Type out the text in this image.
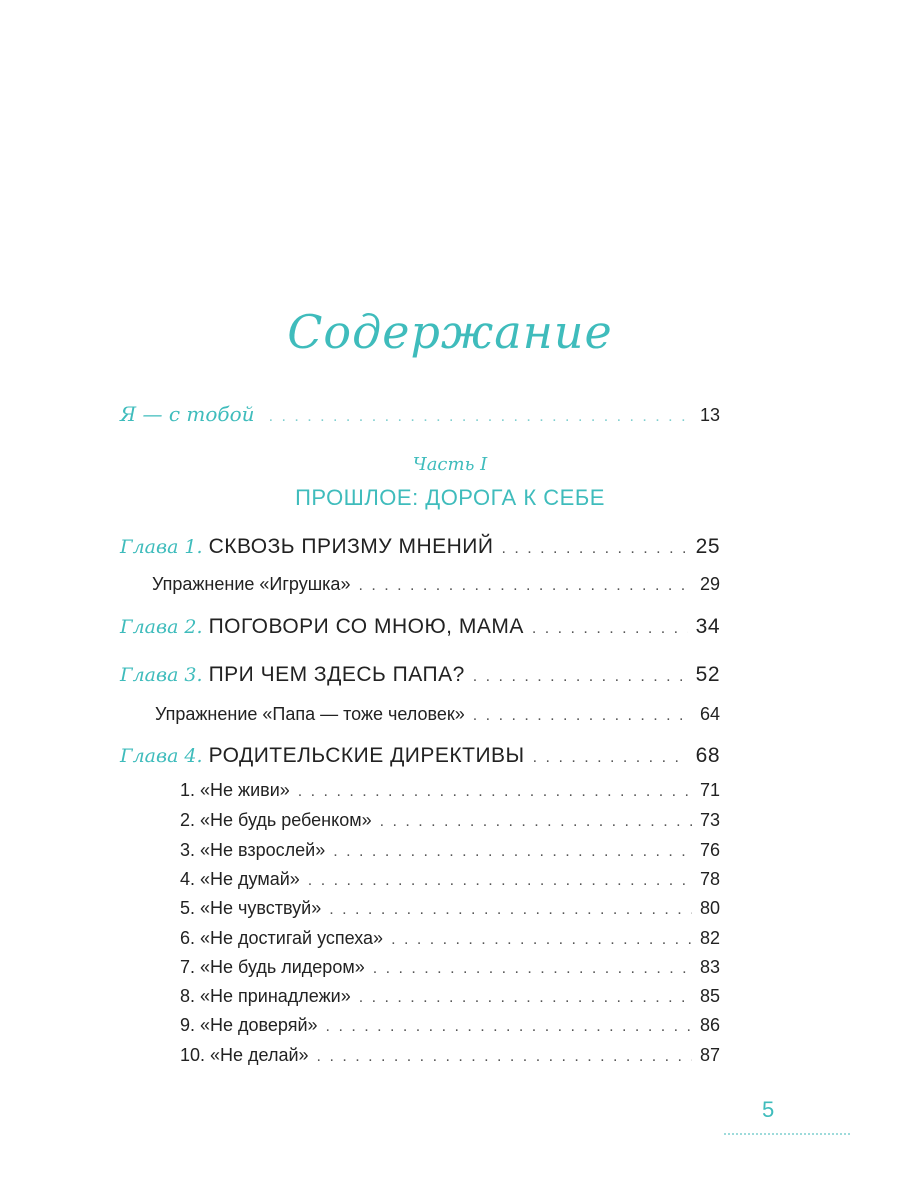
Содержание
Я — с тобой . . .	13
Часть I
ПРОШЛОЕ: ДОРОГА К СЕБЕ
Глава 1. СКВОЗЬ ПРИЗМУ МНЕНИЙ . . .	25
Упражнение «Игрушка» . . .	29
Глава 2. ПОГОВОРИ СО МНОЮ, МАМА . . .	34
Глава 3. ПРИ ЧЕМ ЗДЕСЬ ПАПА? . . .	52
Упражнение «Папа — тоже человек» . . .	64
Глава 4. РОДИТЕЛЬСКИЕ ДИРЕКТИВЫ . . .	68
1. «Не живи» . . .	71
2. «Не будь ребенком» . . .	73
3. «Не взрослей» . . .	76
4. «Не думай» . . .	78
5. «Не чувствуй» . . .	80
6. «Не достигай успеха» . . .	82
7. «Не будь лидером» . . .	83
8. «Не принадлежи» . . .	85
9. «Не доверяй» . . .	86
10. «Не делай» . . .	87
5
